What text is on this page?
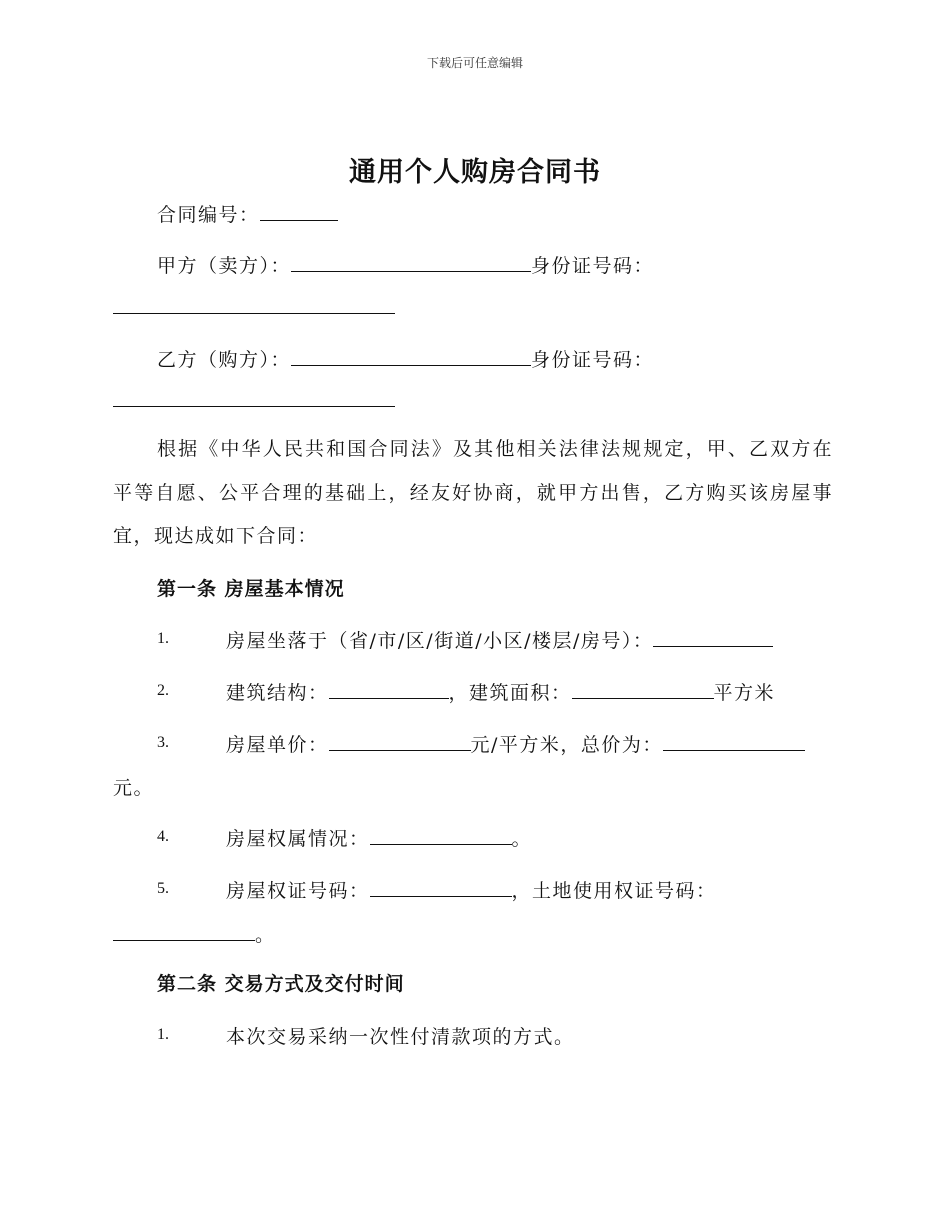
下载后可任意编辑
通用个人购房合同书
合同编号：
甲方（卖方）：	身份证号码：
乙方（购方）：	身份证号码：
根据《中华人民共和国合同法》及其他相关法律法规规定，甲、乙双方在平等自愿、公平合理的基础上，经友好协商，就甲方出售，乙方购买该房屋事宜，现达成如下合同：
第一条 房屋基本情况
1.	房屋坐落于（省/市/区/街道/小区/楼层/房号）：
2.	建筑结构：	，建筑面积：	平方米
3.	房屋单价：	元/平方米，总价为：
元。
4.	房屋权属情况：	。
5.	房屋权证号码：	，土地使用权证号码：
。
第二条 交易方式及交付时间
1.	本次交易采纳一次性付清款项的方式。
